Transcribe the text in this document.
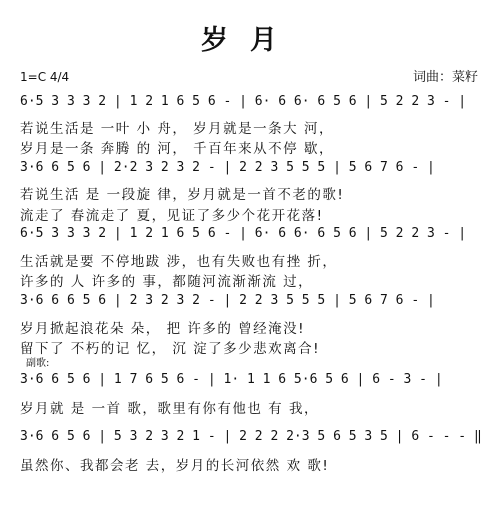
岁月
1=C 4/4	词曲：菜籽
6·5 3 3 3 2 | 1 2 1 6 5 6 - | 6· 6 6· 6 5 6 | 5 2 2 3 - |
若说生活是 一叶 小 舟， 岁月就是一条大 河，
岁月是一条 奔腾 的 河， 千百年来从不停 歇，
3·6 6 5 6 | 2·2 3 2 3 2 - | 2 2 3 5 5 5 | 5 6 7 6 - |
若说生活 是 一段旋 律，岁月就是一首不老的歌!
流走了 春流走了 夏，见证了多少个花开花落!
6·5 3 3 3 2 | 1 2 1 6 5 6 - | 6· 6 6· 6 5 6 | 5 2 2 3 - |
生活就是要 不停地跋 涉，也有失败也有挫 折，
许多的 人 许多的 事，都随河流渐渐流 过，
3·6 6 6 5 6 | 2 3 2 3 2 - | 2 2 3 5 5 5 | 5 6 7 6 - |
岁月掀起浪花朵 朵， 把 许多的 曾经淹没!
留下了 不朽的记 忆， 沉 淀了多少悲欢离合!
副歌:
3·6 6 5 6 | 1 7 6 5 6 - | 1· 1 1 6 5·6 5 6 | 6 - 3 - |
岁月就 是 一首 歌，歌里有你有他也 有 我，
3·6 6 5 6 | 5 3 2 3 2 1 - | 2 2 2 2·3 5 6 5 3 5 | 6 - - - ‖
虽然你、我都会老 去，岁月的长河依然 欢 歌!
